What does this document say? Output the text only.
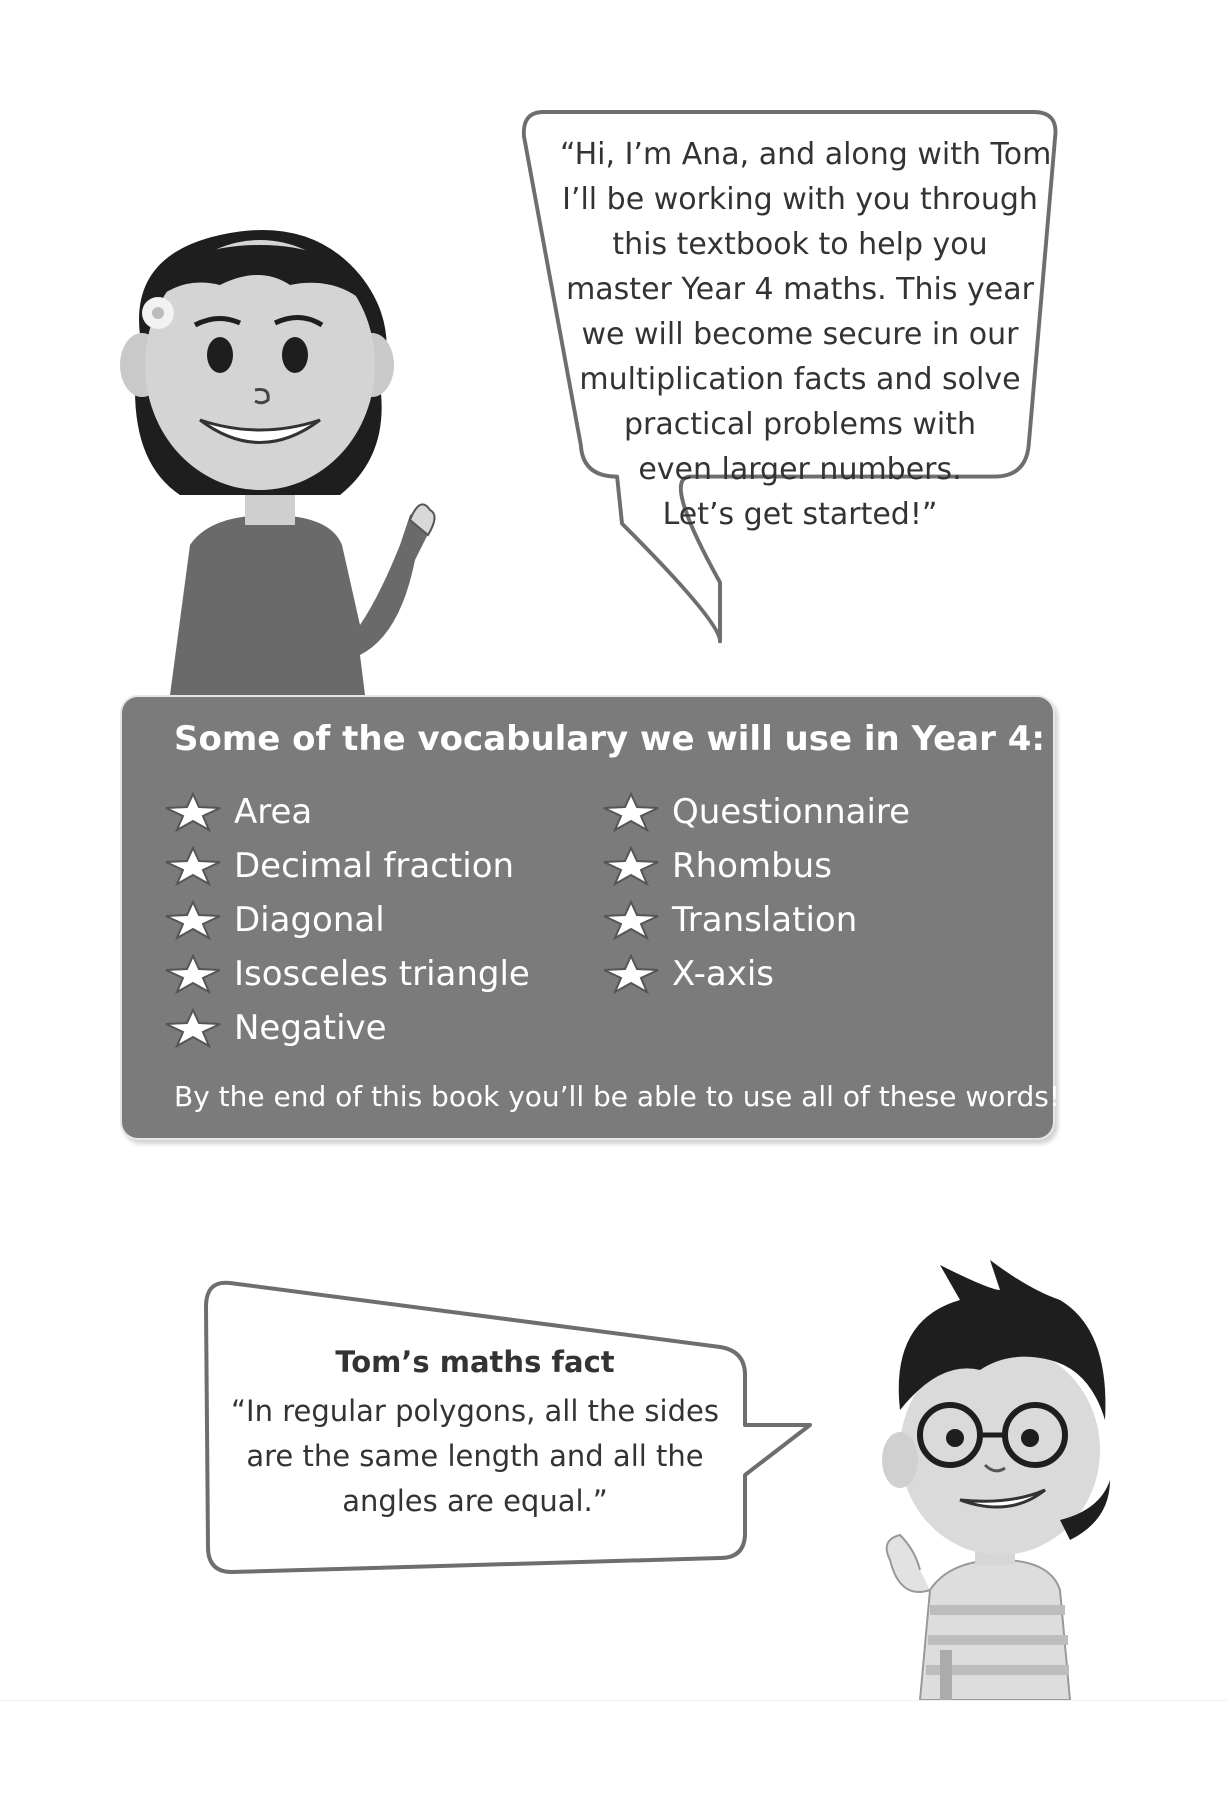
“Hi, I’m Ana, and along with Tom
I’ll be working with you through
this textbook to help you
master Year 4 maths. This year
we will become secure in our
multiplication facts and solve
practical problems with
even larger numbers.
Let’s get started!”
Some of the vocabulary we will use in Year 4:
Area
Decimal fraction
Diagonal
Isosceles triangle
Negative
Questionnaire
Rhombus
Translation
X-axis
By the end of this book you’ll be able to use all of these words!
Tom’s maths fact
“In regular polygons, all the sides
are the same length and all the
angles are equal.”
